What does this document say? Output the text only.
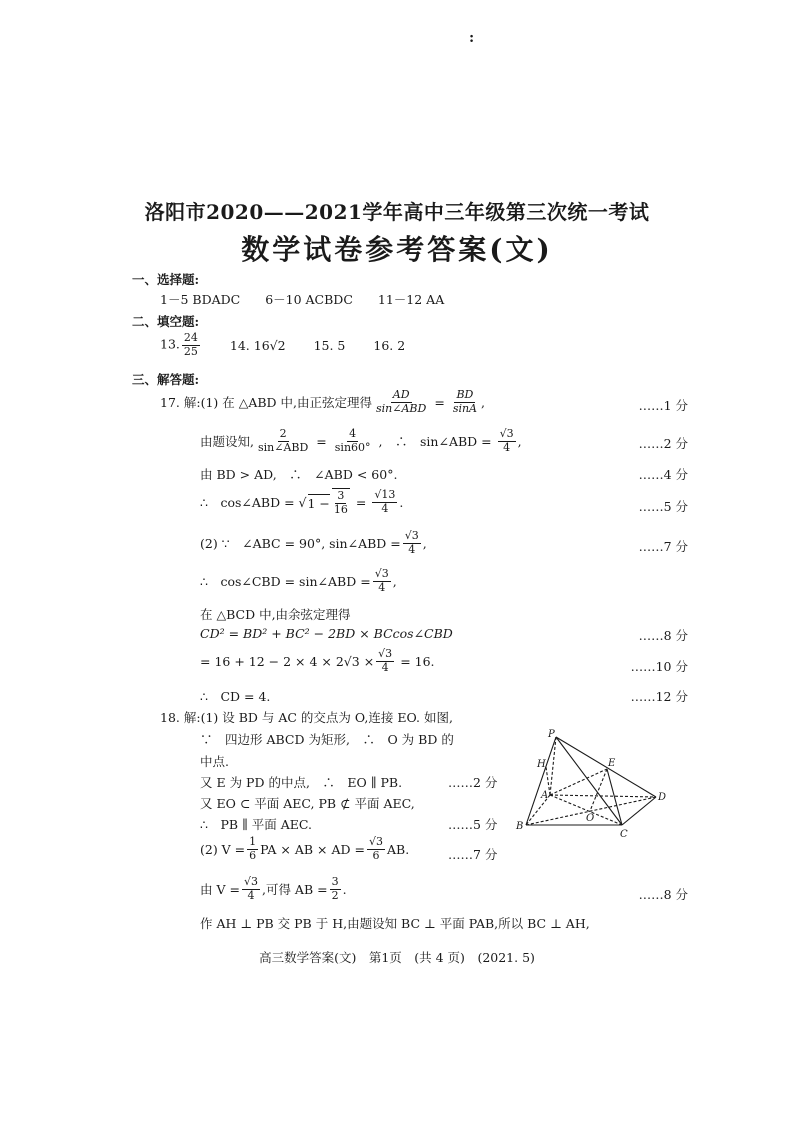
:
洛阳市2020——2021学年高中三年级第三次统一考试
数学试卷参考答案(文)
一、选择题:
1－5 BDADC　　6－10 ACBDC　　11－12 AA
二、填空题:
13. $\frac{24}{25} 14$. 16√2 15. 5 16. 2
三、解答题:
17. 解:(1) 在 △ABD 中,由正弦定理得 $\frac{AD}{\text{sin∠ABD}} = \frac{BD}{\sin A}$ ,	……1 分
由题设知, $\frac{2}{\text{sin∠ABD}} = \frac{4}{\sin 60^\circ}$ ,　∴　sin∠ABD = $\frac{√3}{4}$ ,	……2 分
由 BD > AD,　∴　∠ABD < 60°.	……4 分
∴　cos∠ABD = √ $1 - \frac{3}{16} = \frac{√13}{4}$ .	……5 分
(2) ∵　∠ABC = 90°, sin∠ABD = $\frac{√3}{4}$ ,	……7 分
∴　cos∠CBD = sin∠ABD = $\frac{√3}{4}$ ,
在 △BCD 中,由余弦定理得
CD² = BD² + BC² − 2BD × BCcos∠CBD	……8 分
= $16 + 12 - 2 \times 4 \times 2√3 \times \frac{√3}{4} = 16$.	……10 分
∴　CD = 4.	……12 分
18. 解:(1) 设 BD 与 AC 的交点为 O,连接 EO. 如图,
∵　四边形 ABCD 为矩形,　∴　O 为 BD 的
中点.
又 E 为 PD 的中点,　∴　EO ∥ PB.	……2 分
又 EO ⊂ 平面 AEC, PB ⊄ 平面 AEC,
∴　PB ∥ 平面 AEC.	……5 分
(2) $V = \frac{1}{6}$ PA × AB × AD = $\frac{√3}{6}$ AB.	……7 分
由 $V = \frac{√3}{4}$ ,可得 AB = $\frac{3}{2}$ .	……8 分
作 AH ⊥ PB 交 PB 于 H,由题设知 BC ⊥ 平面 PAB,所以 BC ⊥ AH,
P
H	E
A	D
O
B
C
高三数学答案(文)　第1页　(共 4 页)　(2021. 5)
